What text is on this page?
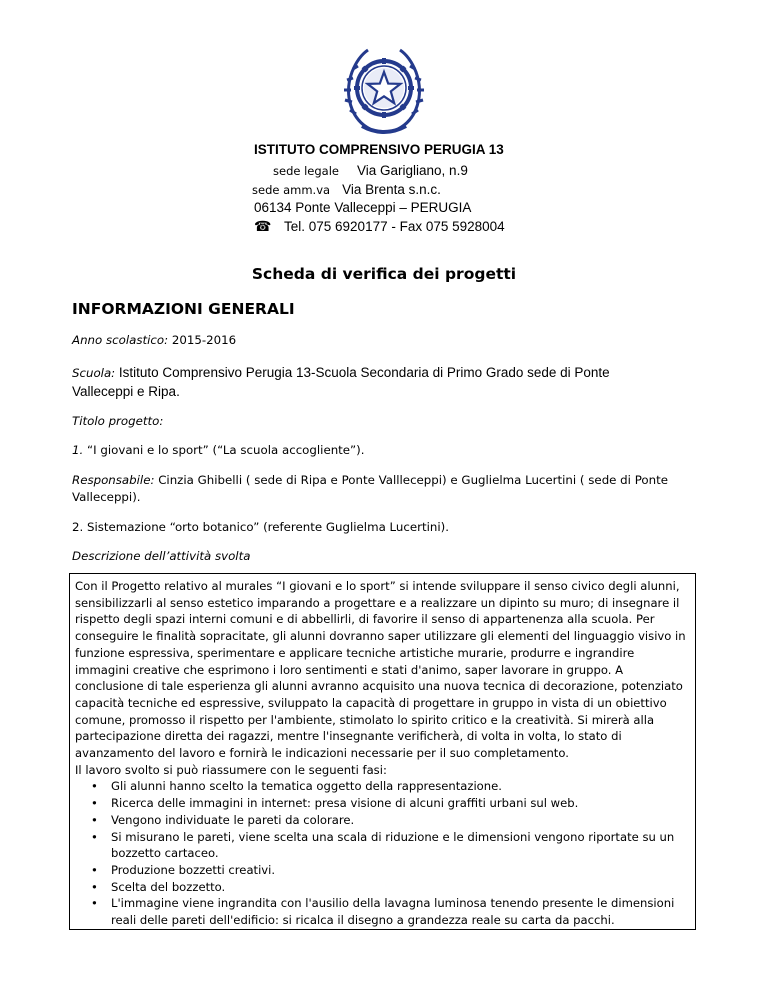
ISTITUTO COMPRENSIVO PERUGIA 13
sede legale Via Garigliano, n.9
sede amm.va Via Brenta s.n.c.
06134 Ponte Valleceppi – PERUGIA
☎ Tel. 075 6920177 - Fax 075 5928004
Scheda di verifica dei progetti
INFORMAZIONI GENERALI
Anno scolastico: 2015-2016
Scuola: Istituto Comprensivo Perugia 13-Scuola Secondaria di Primo Grado sede di Ponte
Valleceppi e Ripa.
Titolo progetto:
1. “I giovani e lo sport” (“La scuola accogliente”).
Responsabile: Cinzia Ghibelli ( sede di Ripa e Ponte Vallleceppi) e Guglielma Lucertini ( sede di Ponte
Valleceppi).
2. Sistemazione “orto botanico” (referente Guglielma Lucertini).
Descrizione dell’attività svolta

Con il Progetto relativo al murales “I giovani e lo sport” si intende sviluppare il senso civico degli alunni, sensibilizzarli al senso estetico imparando a progettare e a realizzare un dipinto su muro; di insegnare il rispetto degli spazi interni comuni e di abbellirli, di favorire il senso di appartenenza alla scuola. Per conseguire le finalità sopracitate, gli alunni dovranno saper utilizzare gli elementi del linguaggio visivo in funzione espressiva, sperimentare e applicare tecniche artistiche murarie, produrre e ingrandire immagini creative che esprimono i loro sentimenti e stati d'animo, saper lavorare in gruppo. A conclusione di tale esperienza gli alunni avranno acquisito una nuova tecnica di decorazione, potenziato capacità tecniche ed espressive, sviluppato la capacità di progettare in gruppo in vista di un obiettivo comune, promosso il rispetto per l'ambiente, stimolato lo spirito critico e la creatività. Si mirerà alla partecipazione diretta dei ragazzi, mentre l'insegnante verificherà, di volta in volta, lo stato di avanzamento del lavoro e fornirà le indicazioni necessarie per il suo completamento.

Il lavoro svolto si può riassumere con le seguenti fasi:

• Gli alunni hanno scelto la tematica oggetto della rappresentazione.
• Ricerca delle immagini in internet: presa visione di alcuni graffiti urbani sul web.
• Vengono individuate le pareti da colorare.
• Si misurano le pareti, viene scelta una scala di riduzione e le dimensioni vengono riportate su un bozzetto cartaceo.
• Produzione bozzetti creativi.
• Scelta del bozzetto.
• L'immagine viene ingrandita con l'ausilio della lavagna luminosa tenendo presente le dimensioni reali delle pareti dell'edificio: si ricalca il disegno a grandezza reale su carta da pacchi.
